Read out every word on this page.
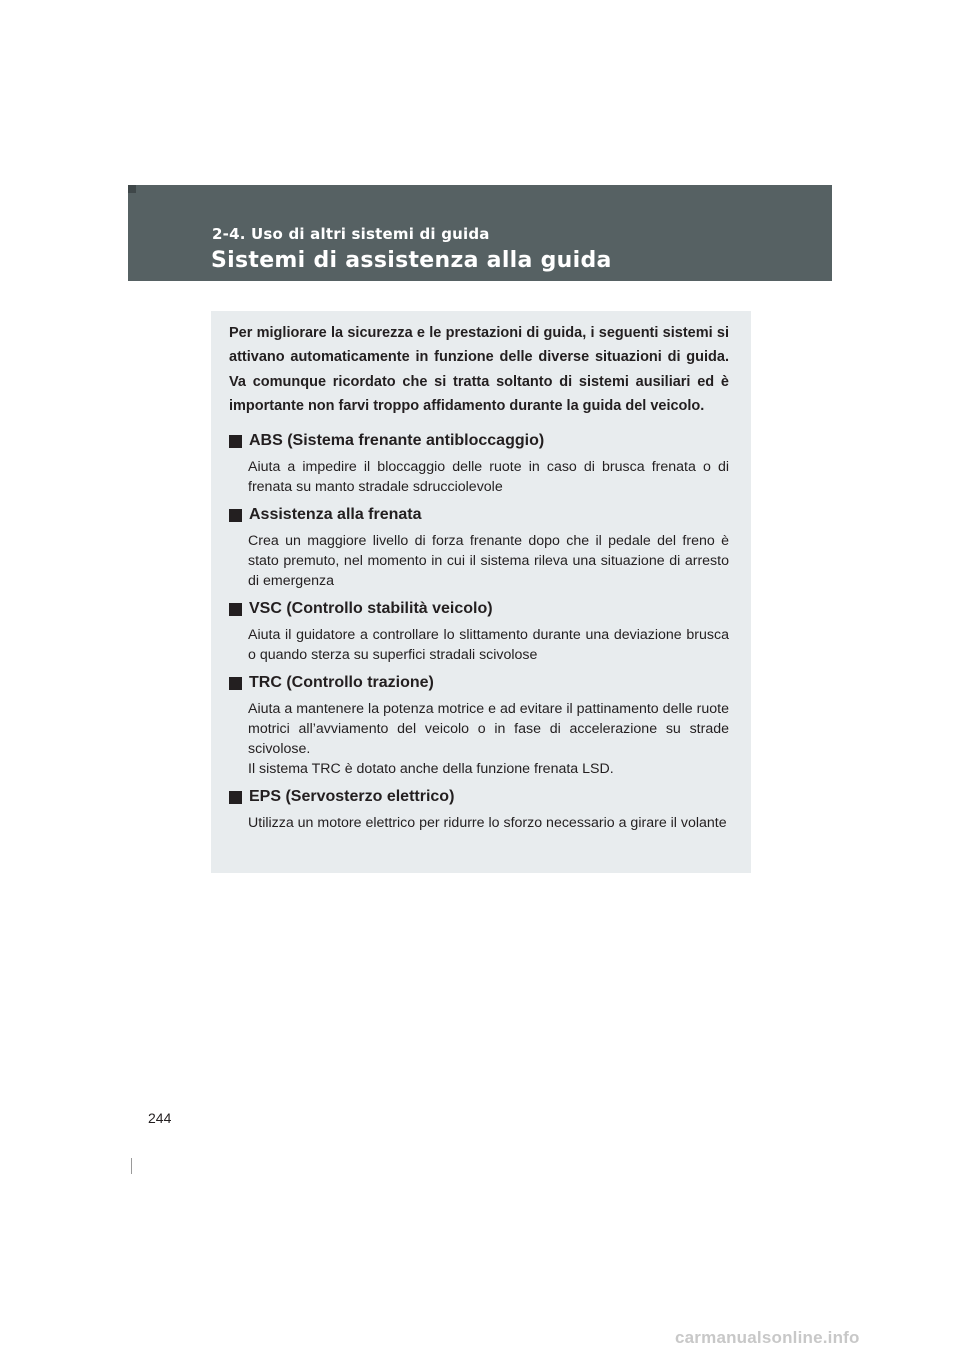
2-4. Uso di altri sistemi di guida
Sistemi di assistenza alla guida

Per migliorare la sicurezza e le prestazioni di guida, i seguenti sistemi si attivano automaticamente in funzione delle diverse situazioni di guida. Va comunque ricordato che si tratta soltanto di sistemi ausiliari ed è importante non farvi troppo affidamento durante la guida del veicolo.

ABS (Sistema frenante antibloccaggio)

Aiuta a impedire il bloccaggio delle ruote in caso di brusca frenata o di frenata su manto stradale sdrucciolevole

Assistenza alla frenata

Crea un maggiore livello di forza frenante dopo che il pedale del freno è stato premuto, nel momento in cui il sistema rileva una situazione di arresto di emergenza

VSC (Controllo stabilità veicolo)

Aiuta il guidatore a controllare lo slittamento durante una deviazione brusca o quando sterza su superfici stradali scivolose

TRC (Controllo trazione)
Aiuta a mantenere la potenza motrice e ad evitare il pattinamento delle ruote motrici all’avviamento del veicolo o in fase di accelerazione su strade scivolose.
Il sistema TRC è dotato anche della funzione frenata LSD.
EPS (Servosterzo elettrico)

Utilizza un motore elettrico per ridurre lo sforzo necessario a girare il volante

244
carmanualsonline.info
